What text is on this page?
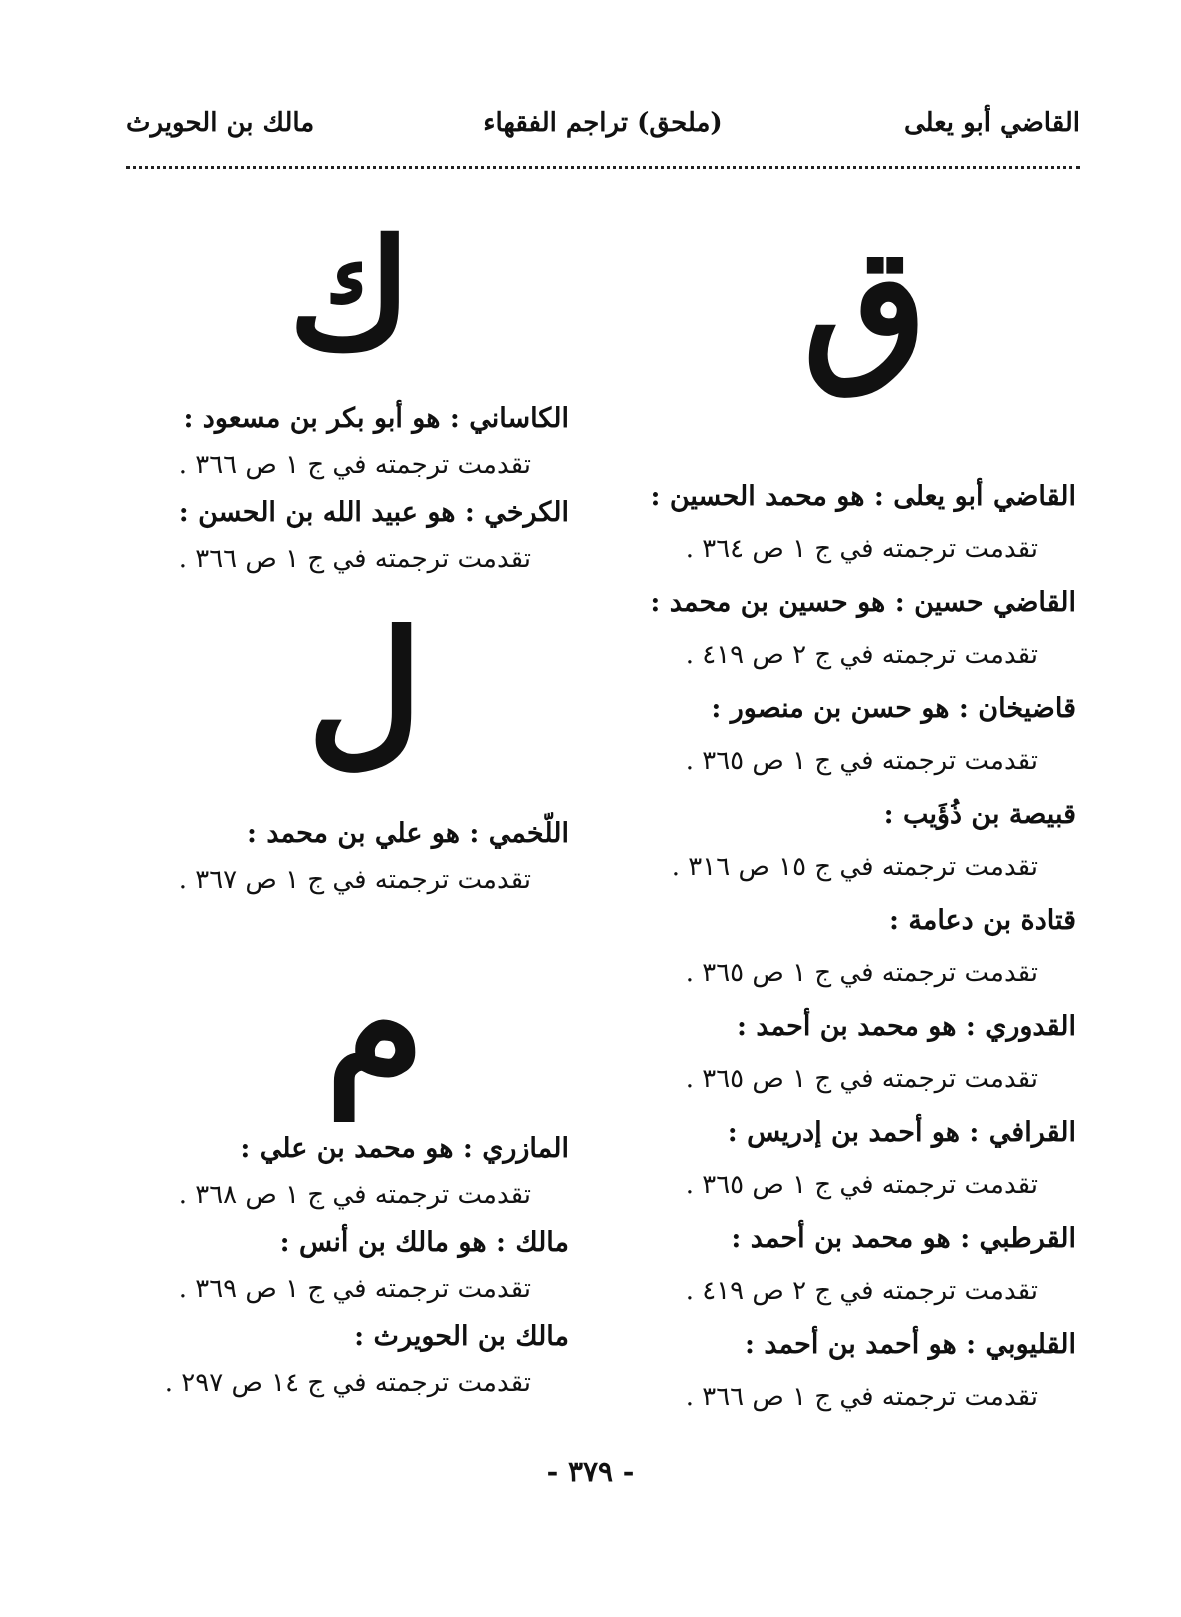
القاضي أبو يعلى
(ملحق) تراجم الفقهاء
مالك بن الحويرث
ق
ك
ل
م
القاضي أبو يعلى : هو محمد الحسين :
تقدمت ترجمته في ج ١ ص ٣٦٤ .
القاضي حسين : هو حسين بن محمد :
تقدمت ترجمته في ج ٢ ص ٤١٩ .
قاضيخان : هو حسن بن منصور :
تقدمت ترجمته في ج ١ ص ٣٦٥ .
قبيصة بن ذُؤَيب :
تقدمت ترجمته في ج ١٥ ص ٣١٦ .
قتادة بن دعامة :
تقدمت ترجمته في ج ١ ص ٣٦٥ .
القدوري : هو محمد بن أحمد :
تقدمت ترجمته في ج ١ ص ٣٦٥ .
القرافي : هو أحمد بن إدريس :
تقدمت ترجمته في ج ١ ص ٣٦٥ .
القرطبي : هو محمد بن أحمد :
تقدمت ترجمته في ج ٢ ص ٤١٩ .
القليوبي : هو أحمد بن أحمد :
تقدمت ترجمته في ج ١ ص ٣٦٦ .
الكاساني : هو أبو بكر بن مسعود :
تقدمت ترجمته في ج ١ ص ٣٦٦ .
الكرخي : هو عبيد الله بن الحسن :
تقدمت ترجمته في ج ١ ص ٣٦٦ .
اللّخمي : هو علي بن محمد :
تقدمت ترجمته في ج ١ ص ٣٦٧ .
المازري : هو محمد بن علي :
تقدمت ترجمته في ج ١ ص ٣٦٨ .
مالك : هو مالك بن أنس :
تقدمت ترجمته في ج ١ ص ٣٦٩ .
مالك بن الحويرث :
تقدمت ترجمته في ج ١٤ ص ٢٩٧ .
- ٣٧٩ -
